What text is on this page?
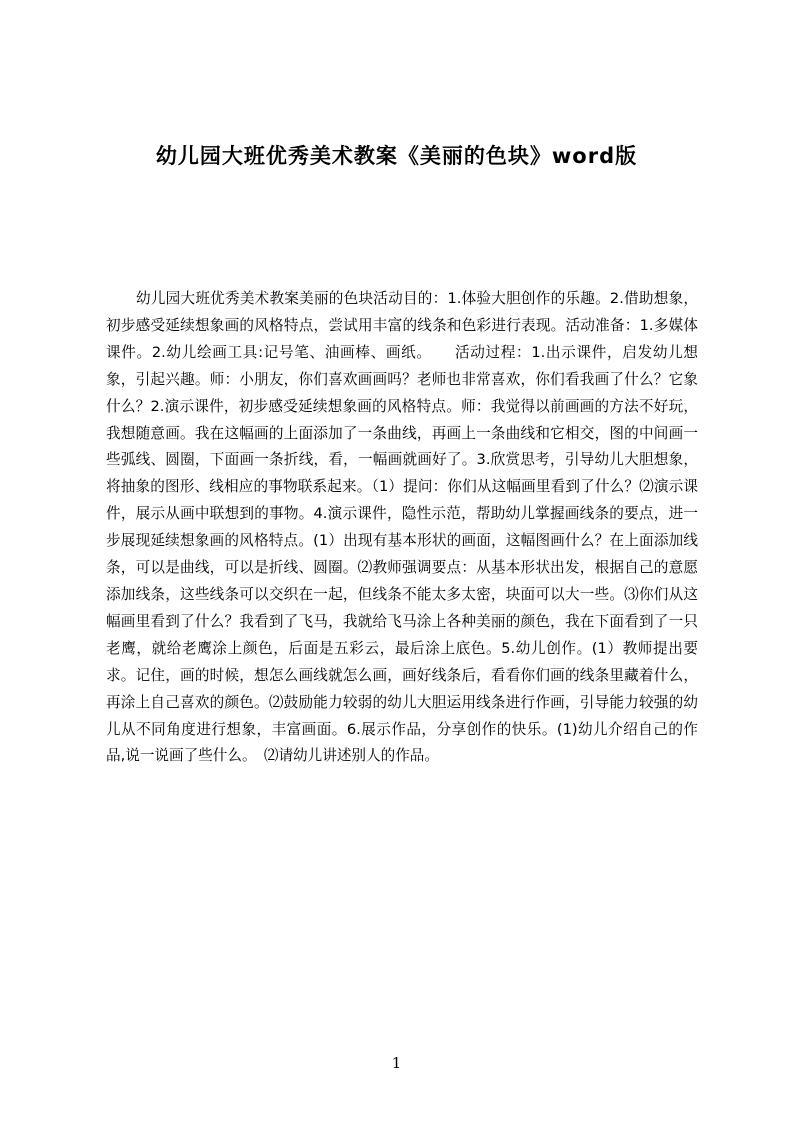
幼儿园大班优秀美术教案《美丽的色块》word版

幼儿园大班优秀美术教案美丽的色块活动目的：1.体验大胆创作的乐趣。2.借助想象，初步感受延续想象画的风格特点，尝试用丰富的线条和色彩进行表现。活动准备：1.多媒体课件。2.幼儿绘画工具:记号笔、油画棒、画纸。　　活动过程：1.出示课件，启发幼儿想象，引起兴趣。师：小朋友，你们喜欢画画吗？老师也非常喜欢，你们看我画了什么？它象什么？2.演示课件，初步感受延续想象画的风格特点。师：我觉得以前画画的方法不好玩，我想随意画。我在这幅画的上面添加了一条曲线，再画上一条曲线和它相交，图的中间画一些弧线、圆圈，下面画一条折线，看，一幅画就画好了。3.欣赏思考，引导幼儿大胆想象，将抽象的图形、线相应的事物联系起来。（1）提问：你们从这幅画里看到了什么？⑵演示课件，展示从画中联想到的事物。4.演示课件，隐性示范，帮助幼儿掌握画线条的要点，进一步展现延续想象画的风格特点。(1）出现有基本形状的画面，这幅图画什么？在上面添加线条，可以是曲线，可以是折线、圆圈。⑵教师强调要点：从基本形状出发，根据自己的意愿添加线条，这些线条可以交织在一起，但线条不能太多太密，块面可以大一些。⑶你们从这幅画里看到了什么？我看到了飞马，我就给飞马涂上各种美丽的颜色，我在下面看到了一只老鹰，就给老鹰涂上颜色，后面是五彩云，最后涂上底色。5.幼儿创作。(1）教师提出要求。记住，画的时候，想怎么画线就怎么画，画好线条后，看看你们画的线条里藏着什么，再涂上自己喜欢的颜色。⑵鼓励能力较弱的幼儿大胆运用线条进行作画，引导能力较强的幼儿从不同角度进行想象，丰富画面。6.展示作品，分享创作的快乐。(1)幼儿介绍自己的作品,说一说画了些什么。　⑵请幼儿讲述别人的作品。

1
